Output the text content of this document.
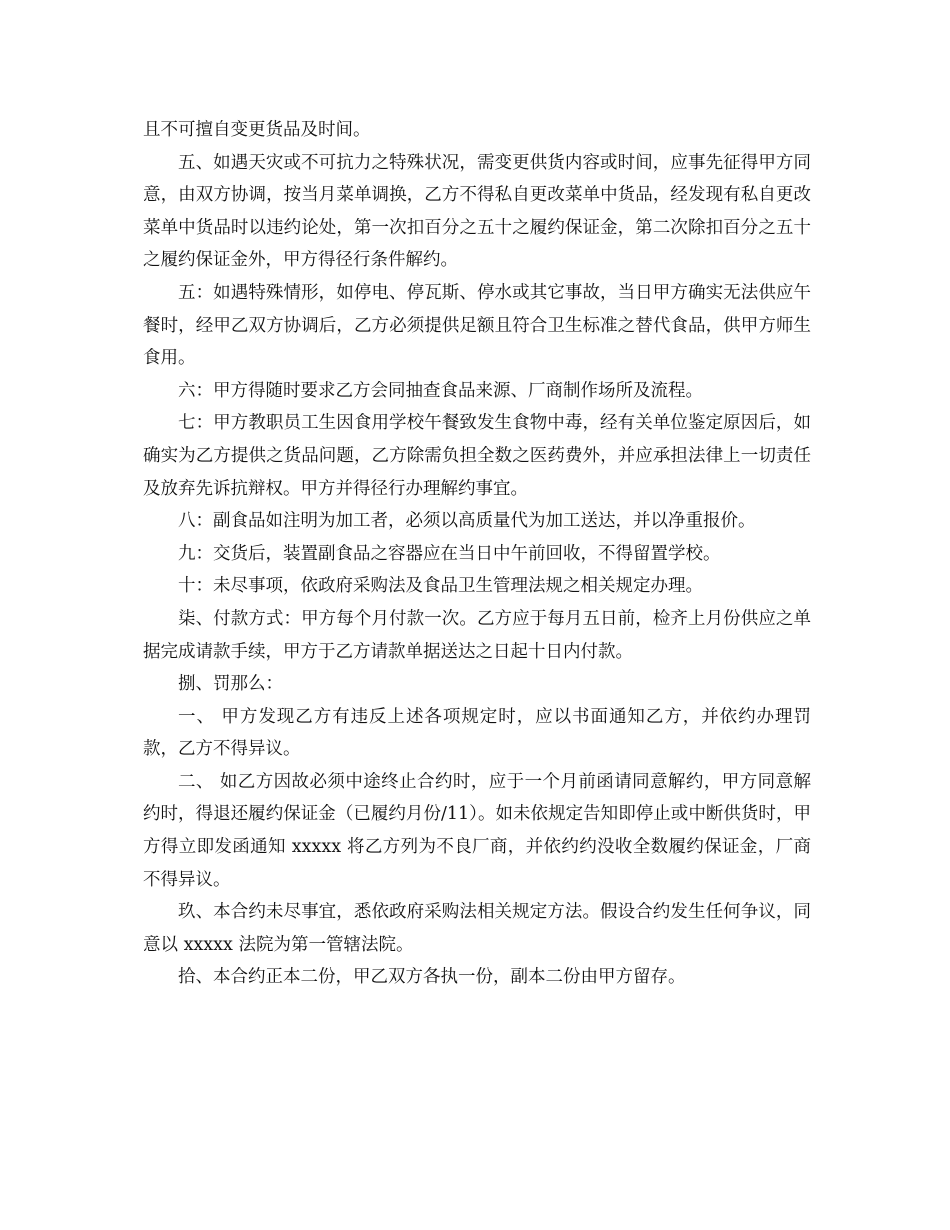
且不可擅自变更货品及时间。

五、如遇天灾或不可抗力之特殊状况，需变更供货内容或时间，应事先征得甲方同意，由双方协调，按当月菜单调换，乙方不得私自更改菜单中货品，经发现有私自更改菜单中货品时以违约论处，第一次扣百分之五十之履约保证金，第二次除扣百分之五十之履约保证金外，甲方得径行条件解约。

五：如遇特殊情形，如停电、停瓦斯、停水或其它事故，当日甲方确实无法供应午餐时，经甲乙双方协调后，乙方必须提供足额且符合卫生标准之替代食品，供甲方师生食用。

六：甲方得随时要求乙方会同抽查食品来源、厂商制作场所及流程。

七：甲方教职员工生因食用学校午餐致发生食物中毒，经有关单位鉴定原因后，如确实为乙方提供之货品问题，乙方除需负担全数之医药费外，并应承担法律上一切责任及放弃先诉抗辩权。甲方并得径行办理解约事宜。

八：副食品如注明为加工者，必须以高质量代为加工送达，并以净重报价。

九：交货后，装置副食品之容器应在当日中午前回收，不得留置学校。

十：未尽事项，依政府采购法及食品卫生管理法规之相关规定办理。

柒、付款方式：甲方每个月付款一次。乙方应于每月五日前，检齐上月份供应之单据完成请款手续，甲方于乙方请款单据送达之日起十日内付款。

捌、罚那么：

一、 甲方发现乙方有违反上述各项规定时，应以书面通知乙方，并依约办理罚款，乙方不得异议。

二、 如乙方因故必须中途终止合约时，应于一个月前函请同意解约，甲方同意解约时，得退还履约保证金（已履约月份/11）。如未依规定告知即停止或中断供货时，甲方得立即发函通知 xxxxx 将乙方列为不良厂商，并依约约没收全数履约保证金，厂商不得异议。

玖、本合约未尽事宜，悉依政府采购法相关规定方法。假设合约发生任何争议，同意以 xxxxx 法院为第一管辖法院。

拾、本合约正本二份，甲乙双方各执一份，副本二份由甲方留存。
